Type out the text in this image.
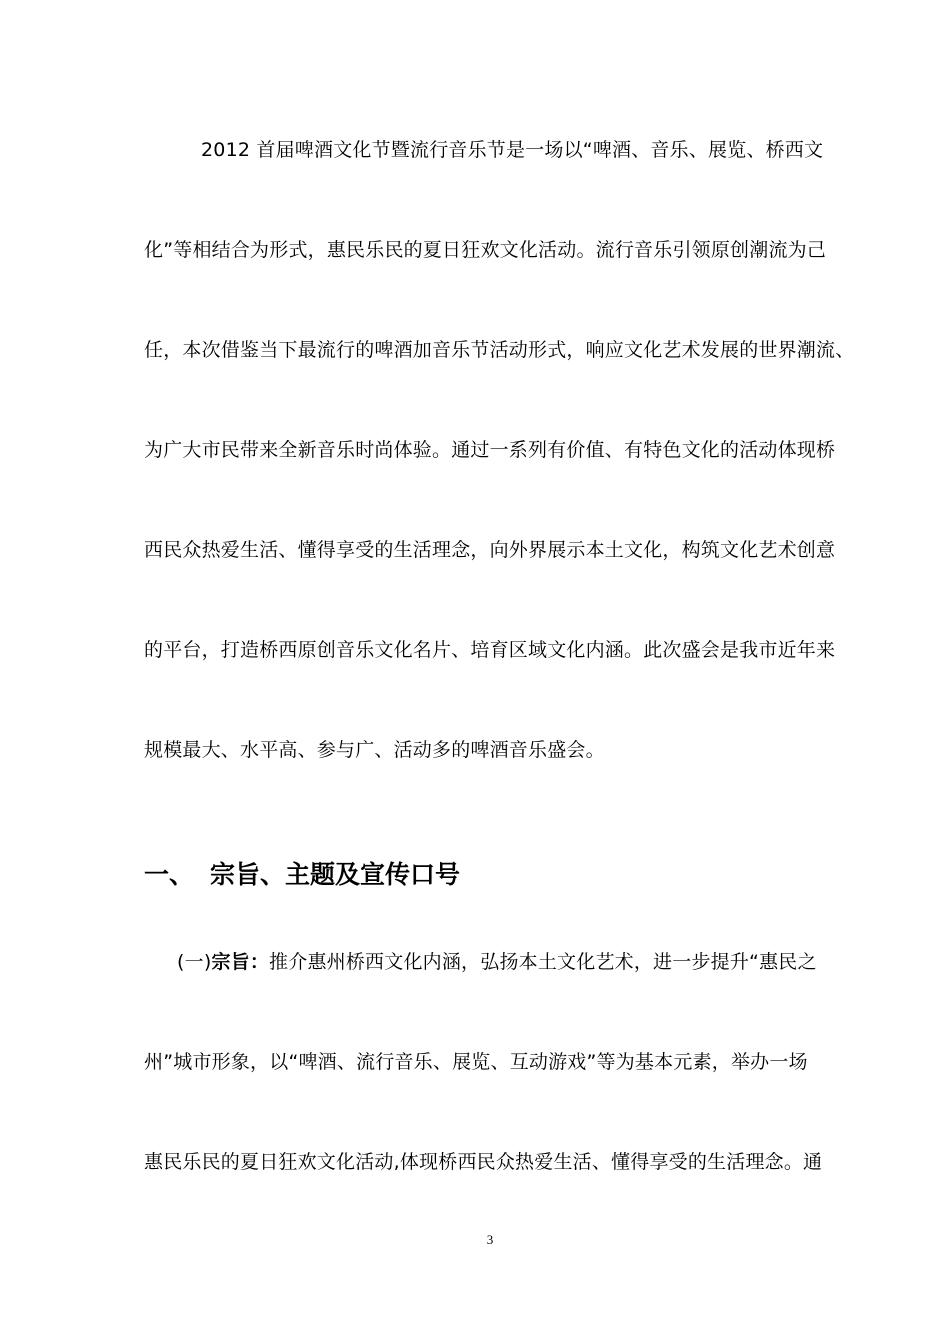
2012 首届啤酒文化节暨流行音乐节是一场以“啤酒、音乐、展览、桥西文
化”等相结合为形式，惠民乐民的夏日狂欢文化活动。流行音乐引领原创潮流为己
任，本次借鉴当下最流行的啤酒加音乐节活动形式，响应文化艺术发展的世界潮流、
为广大市民带来全新音乐时尚体验。通过一系列有价值、有特色文化的活动体现桥
西民众热爱生活、懂得享受的生活理念，向外界展示本土文化，构筑文化艺术创意
的平台，打造桥西原创音乐文化名片、培育区域文化内涵。此次盛会是我市近年来
规模最大、水平高、参与广、活动多的啤酒音乐盛会。
一、 宗旨、主题及宣传口号
(一)宗旨：推介惠州桥西文化内涵，弘扬本土文化艺术，进一步提升“惠民之
州”城市形象，以“啤酒、流行音乐、展览、互动游戏”等为基本元素，举办一场
惠民乐民的夏日狂欢文化活动,体现桥西民众热爱生活、懂得享受的生活理念。通
3
